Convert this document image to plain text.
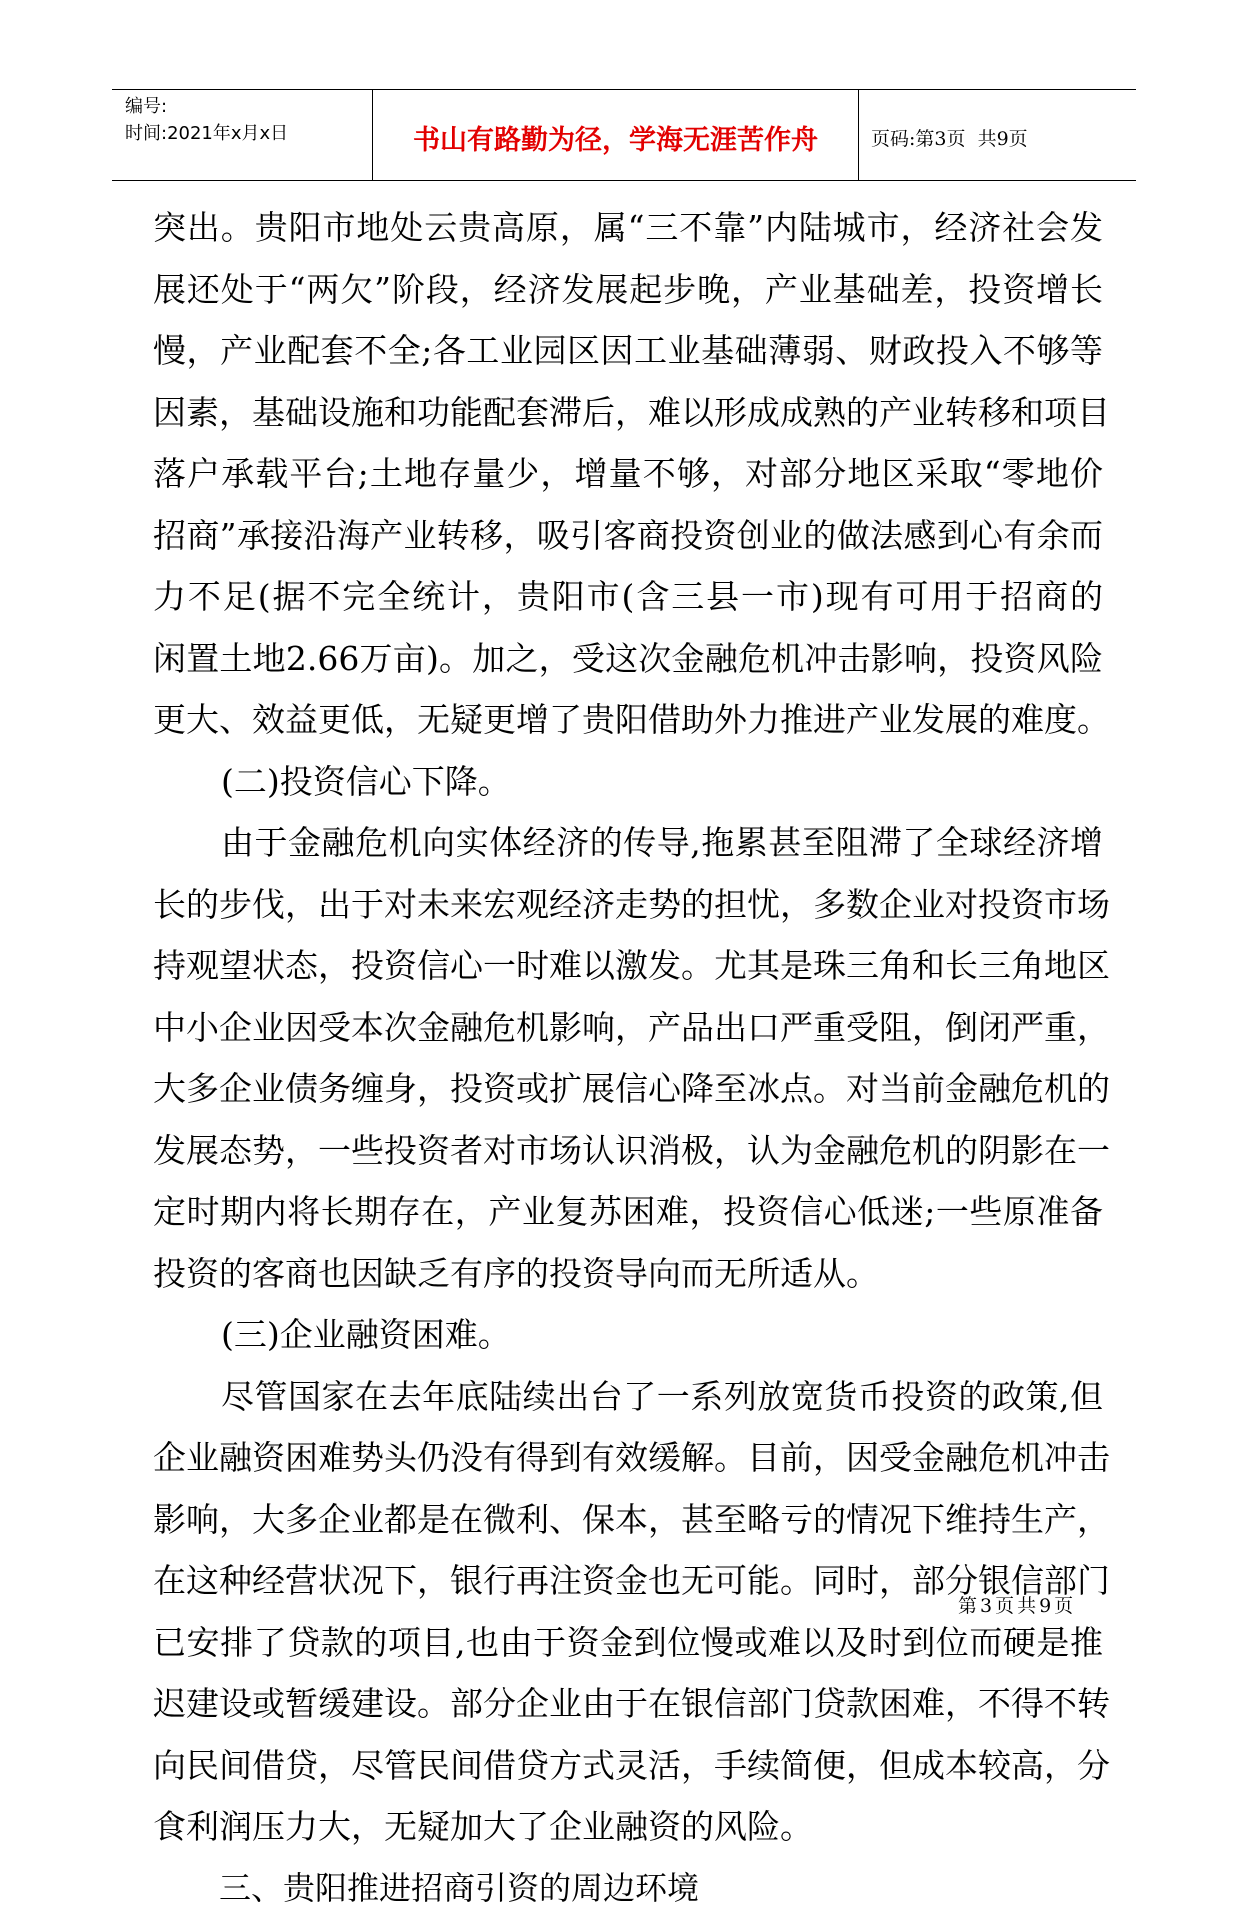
编号:
时间:2021年x月x日	书山有路勤为径，学海无涯苦作舟	页码:第3页  共9页
突出。贵阳市地处云贵高原，属“三不靠”内陆城市，经济社会发
展还处于“两欠”阶段，经济发展起步晚，产业基础差，投资增长
慢，产业配套不全;各工业园区因工业基础薄弱、财政投入不够等
因素，基础设施和功能配套滞后，难以形成成熟的产业转移和项目
落户承载平台;土地存量少，增量不够，对部分地区采取“零地价
招商”承接沿海产业转移，吸引客商投资创业的做法感到心有余而
力不足(据不完全统计，贵阳市(含三县一市)现有可用于招商的
闲置土地2.66万亩)。加之，受这次金融危机冲击影响，投资风险
更大、效益更低，无疑更增了贵阳借助外力推进产业发展的难度。
(二)投资信心下降。
由于金融危机向实体经济的传导,拖累甚至阻滞了全球经济增
长的步伐，出于对未来宏观经济走势的担忧，多数企业对投资市场
持观望状态，投资信心一时难以激发。尤其是珠三角和长三角地区
中小企业因受本次金融危机影响，产品出口严重受阻，倒闭严重，
大多企业债务缠身，投资或扩展信心降至冰点。对当前金融危机的
发展态势，一些投资者对市场认识消极，认为金融危机的阴影在一
定时期内将长期存在，产业复苏困难，投资信心低迷;一些原准备
投资的客商也因缺乏有序的投资导向而无所适从。
(三)企业融资困难。
尽管国家在去年底陆续出台了一系列放宽货币投资的政策,但
企业融资困难势头仍没有得到有效缓解。目前，因受金融危机冲击
影响，大多企业都是在微利、保本，甚至略亏的情况下维持生产，
在这种经营状况下，银行再注资金也无可能。同时，部分银信部门
已安排了贷款的项目,也由于资金到位慢或难以及时到位而硬是推
迟建设或暂缓建设。部分企业由于在银信部门贷款困难，不得不转
向民间借贷，尽管民间借贷方式灵活，手续简便，但成本较高，分
食利润压力大，无疑加大了企业融资的风险。
三、贵阳推进招商引资的周边环境
第3页共9页
